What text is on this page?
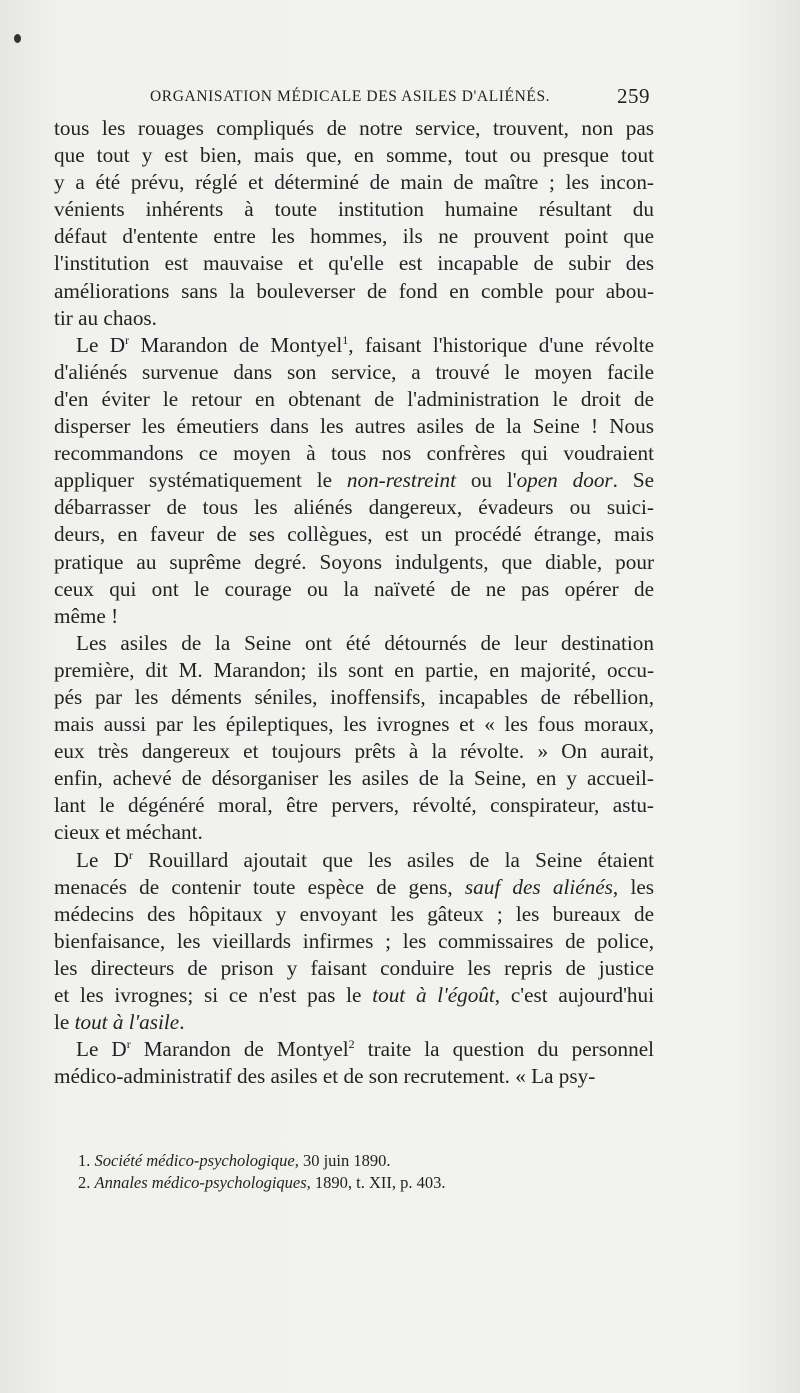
ORGANISATION MÉDICALE DES ASILES D'ALIÉNÉS.	259

tous les rouages compliqués de notre service, trouvent, non pas
que tout y est bien, mais que, en somme, tout ou presque tout
y a été prévu, réglé et déterminé de main de maître ; les incon-
vénients inhérents à toute institution humaine résultant du
défaut d'entente entre les hommes, ils ne prouvent point que
l'institution est mauvaise et qu'elle est incapable de subir des
améliorations sans la bouleverser de fond en comble pour abou-
tir au chaos.

Le $D^r$ Marandon de Montyel$^1$, faisant l'historique d'une révolte
d'aliénés survenue dans son service, a trouvé le moyen facile
d'en éviter le retour en obtenant de l'administration le droit de
disperser les émeutiers dans les autres asiles de la Seine ! Nous
recommandons ce moyen à tous nos confrères qui voudraient
appliquer systématiquement le non-restreint ou l'open door. Se
débarrasser de tous les aliénés dangereux, évadeurs ou suici-
deurs, en faveur de ses collègues, est un procédé étrange, mais
pratique au suprême degré. Soyons indulgents, que diable, pour
ceux qui ont le courage ou la naïveté de ne pas opérer de
même !

Les asiles de la Seine ont été détournés de leur destination
première, dit M. Marandon; ils sont en partie, en majorité, occu-
pés par les déments séniles, inoffensifs, incapables de rébellion,
mais aussi par les épileptiques, les ivrognes et « les fous moraux,
eux très dangereux et toujours prêts à la révolte. » On aurait,
enfin, achevé de désorganiser les asiles de la Seine, en y accueil-
lant le dégénéré moral, être pervers, révolté, conspirateur, astu-
cieux et méchant.

Le $D^r$ Rouillard ajoutait que les asiles de la Seine étaient
menacés de contenir toute espèce de gens, sauf des aliénés, les
médecins des hôpitaux y envoyant les gâteux ; les bureaux de
bienfaisance, les vieillards infirmes ; les commissaires de police,
les directeurs de prison y faisant conduire les repris de justice
et les ivrognes; si ce n'est pas le tout à l'égoût, c'est aujourd'hui
le tout à l'asile.

Le $D^r$ Marandon de Montyel$^2$ traite la question du personnel
médico-administratif des asiles et de son recrutement. « La psy-

1. Société médico-psychologique, 30 juin 1890.
2. Annales médico-psychologiques, 1890, t. XII, p. 403.
